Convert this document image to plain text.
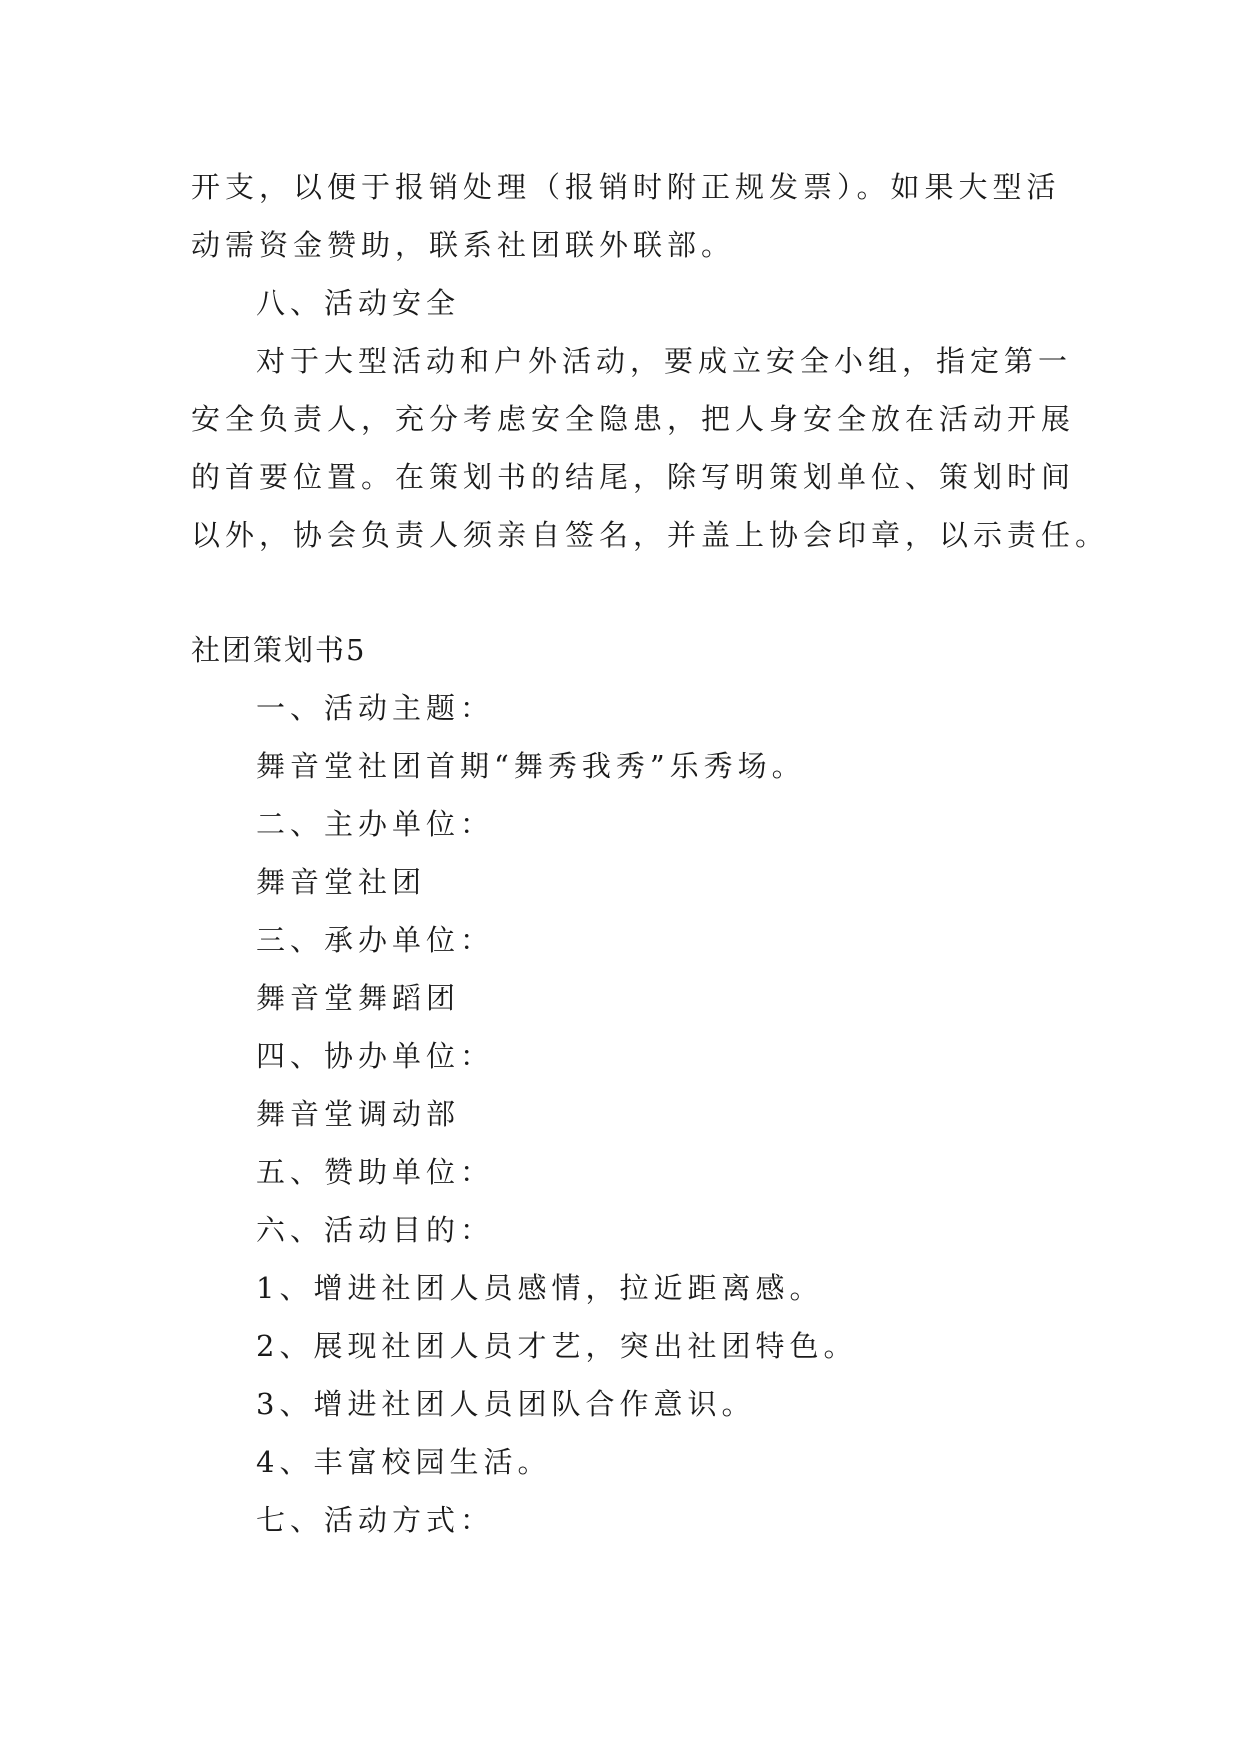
开支，以便于报销处理（报销时附正规发票）。如果大型活
动需资金赞助，联系社团联外联部。
八、活动安全
对于大型活动和户外活动，要成立安全小组，指定第一
安全负责人，充分考虑安全隐患，把人身安全放在活动开展
的首要位置。在策划书的结尾，除写明策划单位、策划时间
以外，协会负责人须亲自签名，并盖上协会印章，以示责任。
社团策划书5
一、活动主题：
舞音堂社团首期“舞秀我秀”乐秀场。
二、主办单位：
舞音堂社团
三、承办单位：
舞音堂舞蹈团
四、协办单位：
舞音堂调动部
五、赞助单位：
六、活动目的：
1、增进社团人员感情，拉近距离感。
2、展现社团人员才艺，突出社团特色。
3、增进社团人员团队合作意识。
4、丰富校园生活。
七、活动方式：
